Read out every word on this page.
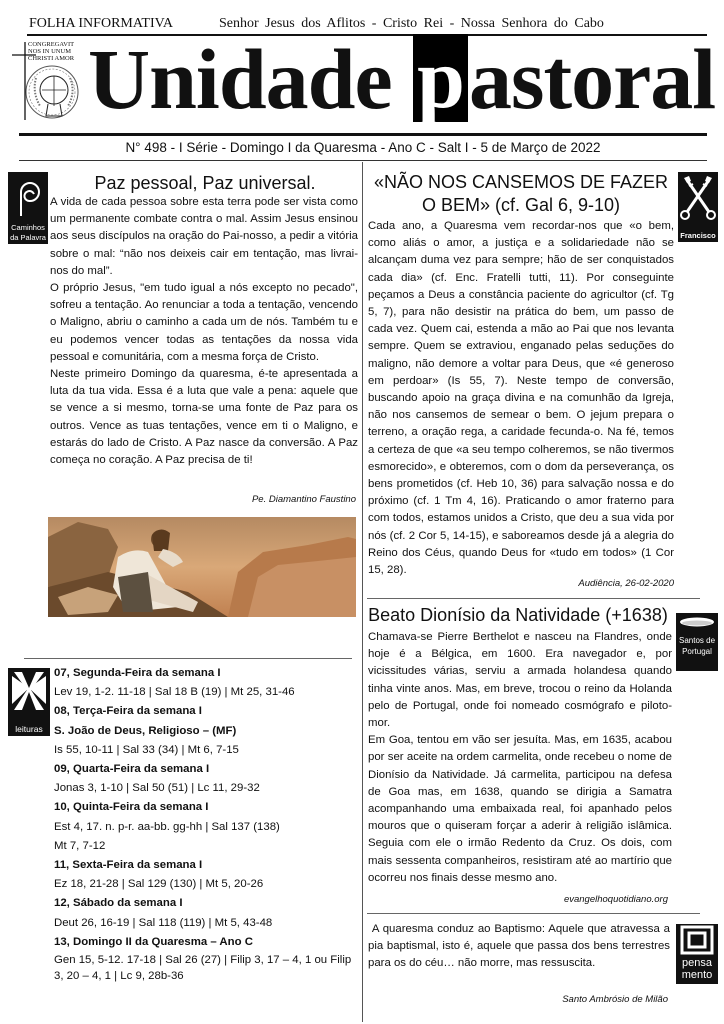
FOLHA INFORMATIVA	Senhor Jesus dos Aflitos - Cristo Rei - Nossa Senhora do Cabo
CONGREGAVIT
NOS IN UNUM
CHRISTI AMOR Unidade pastoral
N° 498 - I Série - Domingo I da Quaresma - Ano C - Salt I - 5 de Março de 2022
Caminhos da Palavra
Paz pessoal, Paz universal.

A vida de cada pessoa sobre esta terra pode ser vista como um permanente combate contra o mal. Assim Jesus ensinou aos seus discípulos na oração do Pai-nosso, a pedir a vitória sobre o mal: “não nos deixeis cair em tentação, mas livrai-nos do mal”.

O próprio Jesus, "em tudo igual a nós excepto no pecado", sofreu a tentação. Ao renunciar a toda a tentação, vencendo o Maligno, abriu o caminho a cada um de nós. Também tu e eu podemos vencer todas as tentações da nossa vida pessoal e comunitária, com a mesma força de Cristo.

Neste primeiro Domingo da quaresma, é-te apresentada a luta da tua vida. Essa é a luta que vale a pena: aquele que se vence a si mesmo, torna-se uma fonte de Paz para os outros. Vence as tuas tentações, vence em ti o Maligno, e estarás do lado de Cristo. A Paz nasce da conversão. A Paz começa no coração. A Paz precisa de ti!

Pe. Diamantino Faustino
leituras
07, Segunda-Feira da semana I
Lev 19, 1-2. 11-18 | Sal 18 B (19) | Mt 25, 31-46
08, Terça-Feira da semana I
S. João de Deus, Religioso – (MF)
Is 55, 10-11 | Sal 33 (34) | Mt 6, 7-15
09, Quarta-Feira da semana I
Jonas 3, 1-10 | Sal 50 (51) | Lc 11, 29-32
10, Quinta-Feira da semana I
Est 4, 17. n. p-r. aa-bb. gg-hh | Sal 137 (138)
Mt 7, 7-12
11, Sexta-Feira da semana I
Ez 18, 21-28 | Sal 129 (130) | Mt 5, 20-26
12, Sábado da semana I
Deut 26, 16-19 | Sal 118 (119) | Mt 5, 43-48
13, Domingo II da Quaresma – Ano C
Gen 15, 5-12. 17-18 | Sal 26 (27) | Filip 3, 17 – 4, 1 ou Filip 3, 20 – 4, 1 | Lc 9, 28b-36
«NÃO NOS CANSEMOS DE FAZER O BEM» (cf. Gal 6, 9-10)
Francisco

Cada ano, a Quaresma vem recordar-nos que «o bem, como aliás o amor, a justiça e a solidariedade não se alcançam duma vez para sempre; hão de ser conquistados cada dia» (cf. Enc. Fratelli tutti, 11). Por conseguinte peçamos a Deus a constância paciente do agricultor (cf. Tg 5, 7), para não desistir na prática do bem, um passo de cada vez. Quem cai, estenda a mão ao Pai que nos levanta sempre. Quem se extraviou, enganado pelas seduções do maligno, não demore a voltar para Deus, que «é generoso em perdoar» (Is 55, 7). Neste tempo de conversão, buscando apoio na graça divina e na comunhão da Igreja, não nos cansemos de semear o bem. O jejum prepara o terreno, a oração rega, a caridade fecunda-o. Na fé, temos a certeza de que «a seu tempo colheremos, se não tivermos esmorecido», e obteremos, com o dom da perseverança, os bens prometidos (cf. Heb 10, 36) para salvação nossa e do próximo (cf. 1 Tm 4, 16). Praticando o amor fraterno para com todos, estamos unidos a Cristo, que deu a sua vida por nós (cf. 2 Cor 5, 14-15), e saboreamos desde já a alegria do Reino dos Céus, quando Deus for «tudo em todos» (1 Cor 15, 28).

Audiência, 26-02-2020
Beato Dionísio da Natividade (+1638)
Santos de Portugal

Chamava-se Pierre Berthelot e nasceu na Flandres, onde hoje é a Bélgica, em 1600. Era navegador e, por vicissitudes várias, serviu a armada holandesa quando tinha vinte anos. Mas, em breve, trocou o reino da Holanda pelo de Portugal, onde foi nomeado cosmógrafo e piloto-mor.

Em Goa, tentou em vão ser jesuíta. Mas, em 1635, acabou por ser aceite na ordem carmelita, onde recebeu o nome de Dionísio da Natividade. Já carmelita, participou na defesa de Goa mas, em 1638, quando se dirigia a Samatra acompanhando uma embaixada real, foi apanhado pelos mouros que o quiseram forçar a aderir à religião islâmica. Seguia com ele o irmão Redento da Cruz. Os dois, com mais sessenta companheiros, resistiram até ao martírio que ocorreu nos finais desse mesmo ano.

evangelhoquotidiano.org

A quaresma conduz ao Baptismo: Aquele que atravessa a pia baptismal, isto é, aquele que passa dos bens terrestres para os do céu… não morre, mas ressuscita.	pensa
mento
Santo Ambrósio de Milão
